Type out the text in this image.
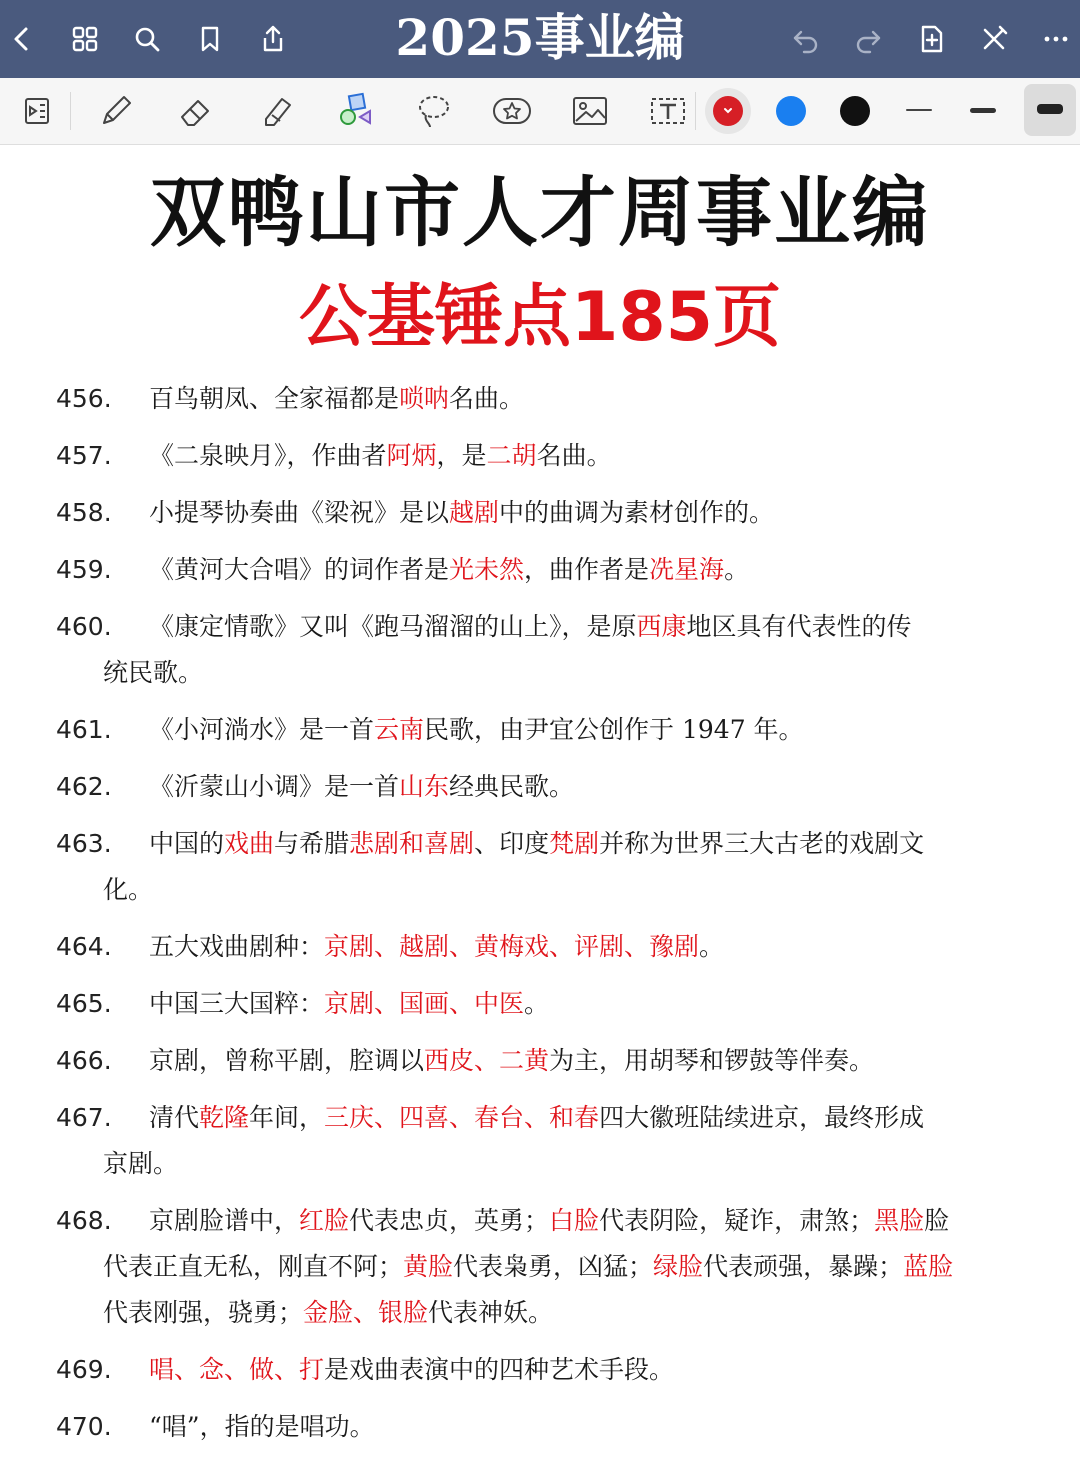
2025事业编
双鸭山市人才周事业编
公基锤点185页
456. 百鸟朝凤、全家福都是唢呐名曲。
457. 《二泉映月》，作曲者阿炳，是二胡名曲。
458. 小提琴协奏曲《梁祝》是以越剧中的曲调为素材创作的。
459. 《黄河大合唱》的词作者是光未然，曲作者是冼星海。
460. 《康定情歌》又叫《跑马溜溜的山上》，是原西康地区具有代表性的传
统民歌。
461. 《小河淌水》是一首云南民歌，由尹宜公创作于 1947 年。
462. 《沂蒙山小调》是一首山东经典民歌。
463. 中国的戏曲与希腊悲剧和喜剧、印度梵剧并称为世界三大古老的戏剧文
化。
464. 五大戏曲剧种：京剧、越剧、黄梅戏、评剧、豫剧。
465. 中国三大国粹：京剧、国画、中医。
466. 京剧，曾称平剧，腔调以西皮、二黄为主，用胡琴和锣鼓等伴奏。
467. 清代乾隆年间，三庆、四喜、春台、和春四大徽班陆续进京，最终形成
京剧。
468. 京剧脸谱中，红脸代表忠贞，英勇；白脸代表阴险，疑诈，肃煞；黑脸脸
代表正直无私，刚直不阿；黄脸代表枭勇，凶猛；绿脸代表顽强，暴躁；蓝脸
代表刚强，骁勇；金脸、银脸代表神妖。
469. 唱、念、做、打是戏曲表演中的四种艺术手段。
470. “唱”，指的是唱功。
